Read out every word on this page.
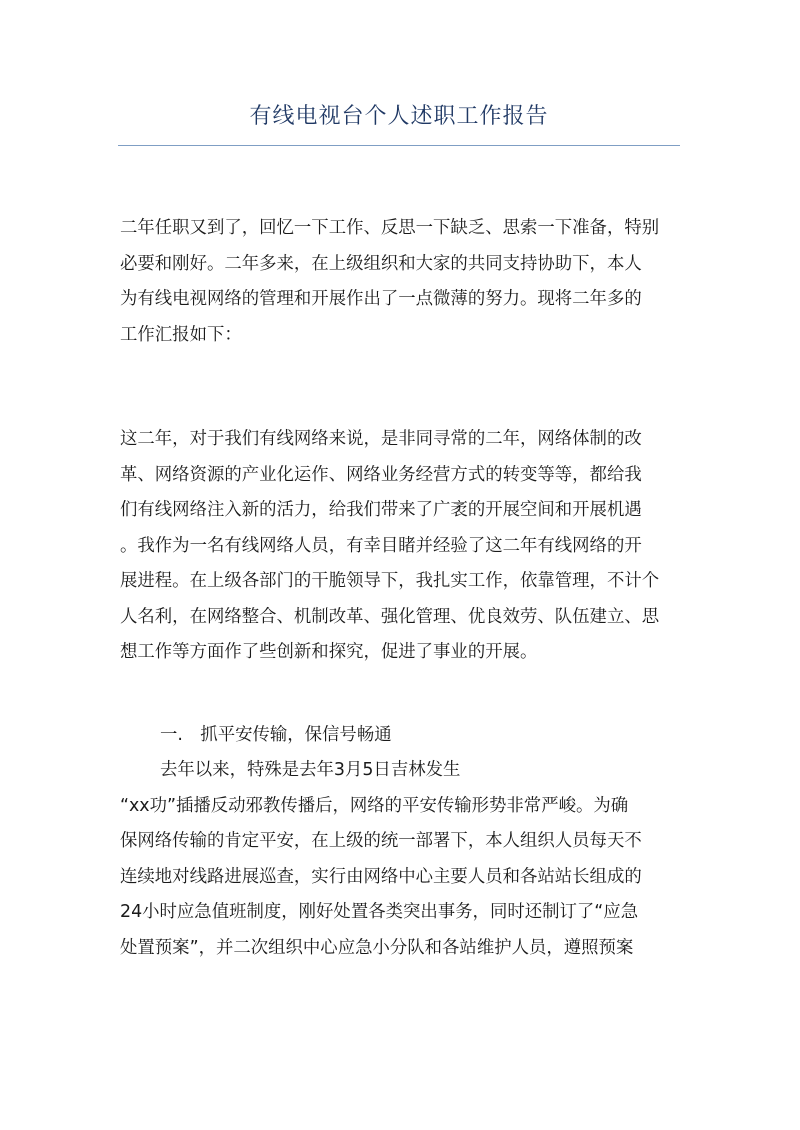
有线电视台个人述职工作报告

二年任职又到了，回忆一下工作、反思一下缺乏、思索一下准备，特别
必要和刚好。二年多来，在上级组织和大家的共同支持协助下，本人
为有线电视网络的管理和开展作出了一点微薄的努力。现将二年多的
工作汇报如下：

这二年，对于我们有线网络来说，是非同寻常的二年，网络体制的改
革、网络资源的产业化运作、网络业务经营方式的转变等等，都给我
们有线网络注入新的活力，给我们带来了广袤的开展空间和开展机遇
。我作为一名有线网络人员，有幸目睹并经验了这二年有线网络的开
展进程。在上级各部门的干脆领导下，我扎实工作，依靠管理，不计个
人名利，在网络整合、机制改革、强化管理、优良效劳、队伍建立、思
想工作等方面作了些创新和探究，促进了事业的开展。

一.　抓平安传输，保信号畅通

去年以来，特殊是去年3月5日吉林发生
“xx功”插播反动邪教传播后，网络的平安传输形势非常严峻。为确
保网络传输的肯定平安，在上级的统一部署下，本人组织人员每天不
连续地对线路进展巡查，实行由网络中心主要人员和各站站长组成的
24小时应急值班制度，刚好处置各类突出事务，同时还制订了“应急
处置预案”，并二次组织中心应急小分队和各站维护人员，遵照预案
